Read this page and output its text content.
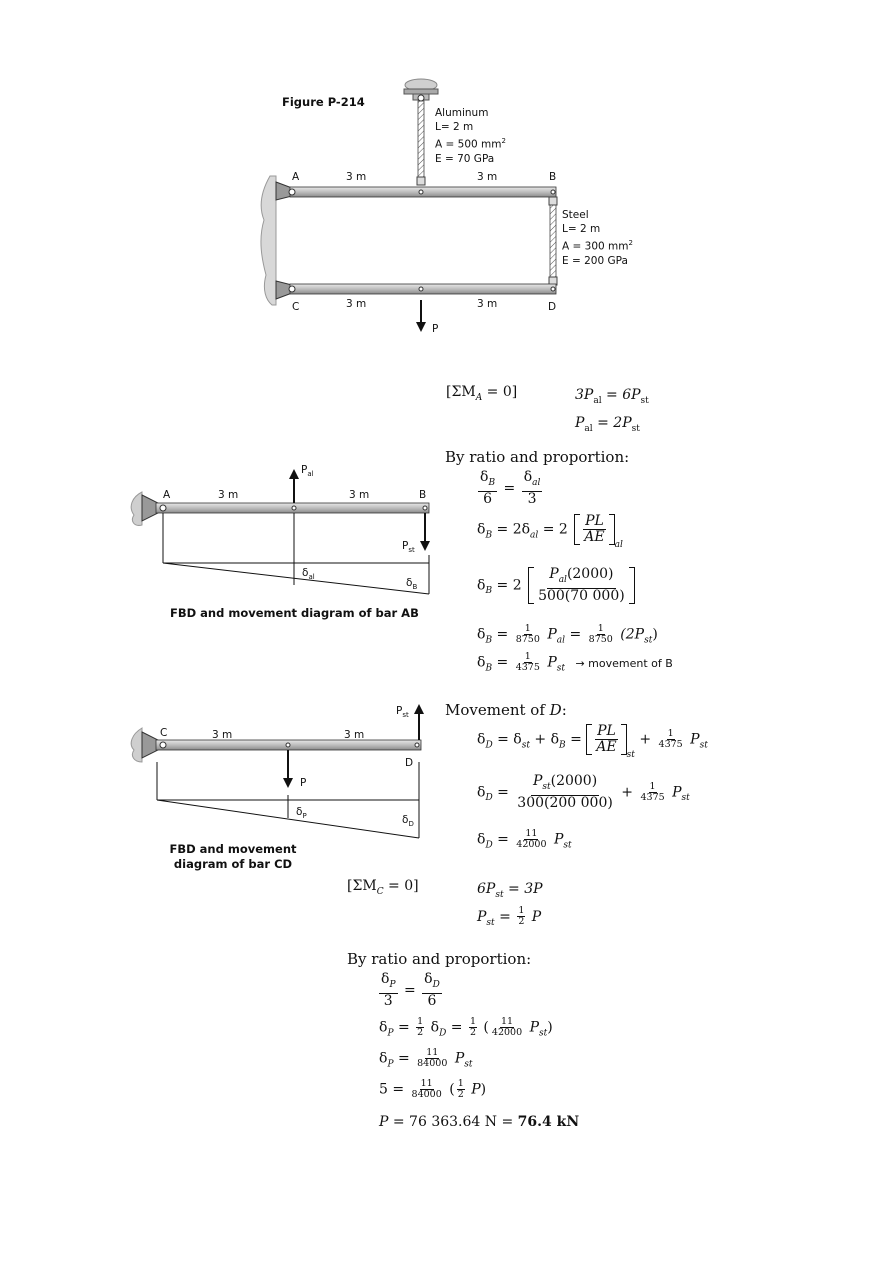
Figure P-214
Aluminum
L= 2 m
A = 500 $mm^2$
E = 70 GPa
Steel
L= 2 m
A = 300 $mm^2$
E = 200 GPa
A	B
C	D
P
3 m	3 m
3 m	3 m
$[\Sigma M_A = 0]$	$3P_{al} = 6P_{st}$
$P_{al} = 2P_{st}$
By ratio and proportion:
$\frac{\delta_B}{6} = \frac{\delta_{al}}{3}$
$\delta_B = 2\delta_{al} = 2 \frac{PL}{AE}$
$_{al}$
$\delta_B = 2 \frac{P_{al}(2000)}{500(70 000)}$
$\delta_B = \frac{1}{8750} P_{al} = \frac{1}{8750} (2P_{st})$
$\delta_B = \frac{1}{4375} P_{st}$ → movement of B
A	B
3 m	3 m
$P_{al}$
$P_{st}$
$\delta_{al}$	$\delta_B$
FBD and movement diagram of bar AB
Movement of D:
$\delta_D = \delta_{st} + \delta_B = \frac{PL}{AE}$
$_{st} + \frac{1}{4375} P_{st}$
$\delta_D = \frac{P_{st}(2000)}{300(200 000)} + \frac{1}{4375} P_{st}$
$\delta_D = \frac{11}{42000} P_{st}$
C
D
3 m	3 m
$P_{st}$
P
$\delta_P$	$\delta_D$
FBD and movement
diagram of bar CD
$[\Sigma M_C = 0]$	$6P_{st} = 3P$
$P_{st} = \frac{1}{2}$ P
By ratio and proportion:
$\frac{\delta_P}{3} = \frac{\delta_D}{6}$
$\delta_P = \frac{1}{2} \delta_D = \frac{1}{2}$ ( $\frac{11}{42000} P_{st}$)
$\delta_P = \frac{11}{84000} P_{st}$
$5 = \frac{11}{84000}$ ( $\frac{1}{2} P$)
P = 76 363.64 N = 76.4 kN
